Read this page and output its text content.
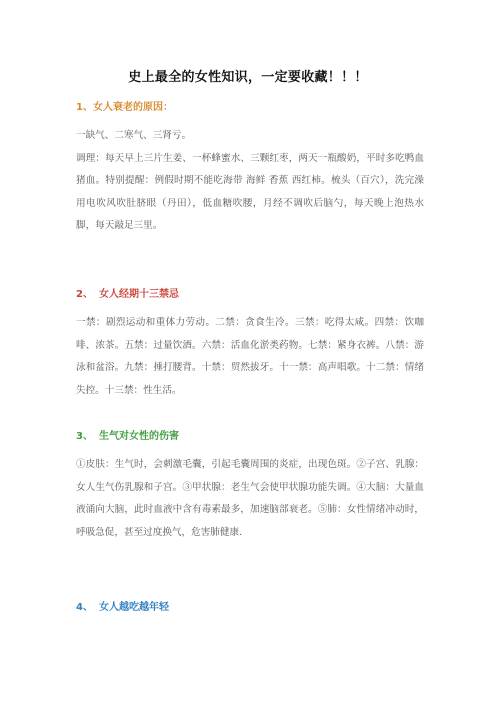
史上最全的女性知识，一定要收藏！！！
1、女人衰老的原因：

一缺气、二寒气、三肾亏。

调理：每天早上三片生姜、一杯蜂蜜水、三颗红枣，两天一瓶酸奶，平时多吃鸭血猪血。特别提醒：例假时期不能吃海带 海鲜 香蕉 西红柿。梳头（百穴），洗完澡用电吹风吹肚脐眼（丹田），低血糖吹腰，月经不调吹后脑勺，每天晚上泡热水脚，每天敲足三里。

2、 女人经期十三禁忌

一禁：剧烈运动和重体力劳动。二禁：贪食生冷。三禁：吃得太咸。四禁：饮咖啡、浓茶。五禁：过量饮酒。六禁：活血化淤类药物。七禁：紧身衣裤。八禁：游泳和盆浴。九禁：捶打腰背。十禁：贸然拔牙。十一禁：高声唱歌。十二禁：情绪失控。十三禁：性生活。

3、 生气对女性的伤害

①皮肤：生气时，会刺激毛囊，引起毛囊周围的炎症，出现色斑。②子宫、乳腺：女人生气伤乳腺和子宫。③甲状腺：老生气会使甲状腺功能失调。④大脑：大量血液涌向大脑，此时血液中含有毒素最多，加速脑部衰老。⑤肺：女性情绪冲动时，呼吸急促，甚至过度换气，危害肺健康.

4、 女人越吃越年轻
